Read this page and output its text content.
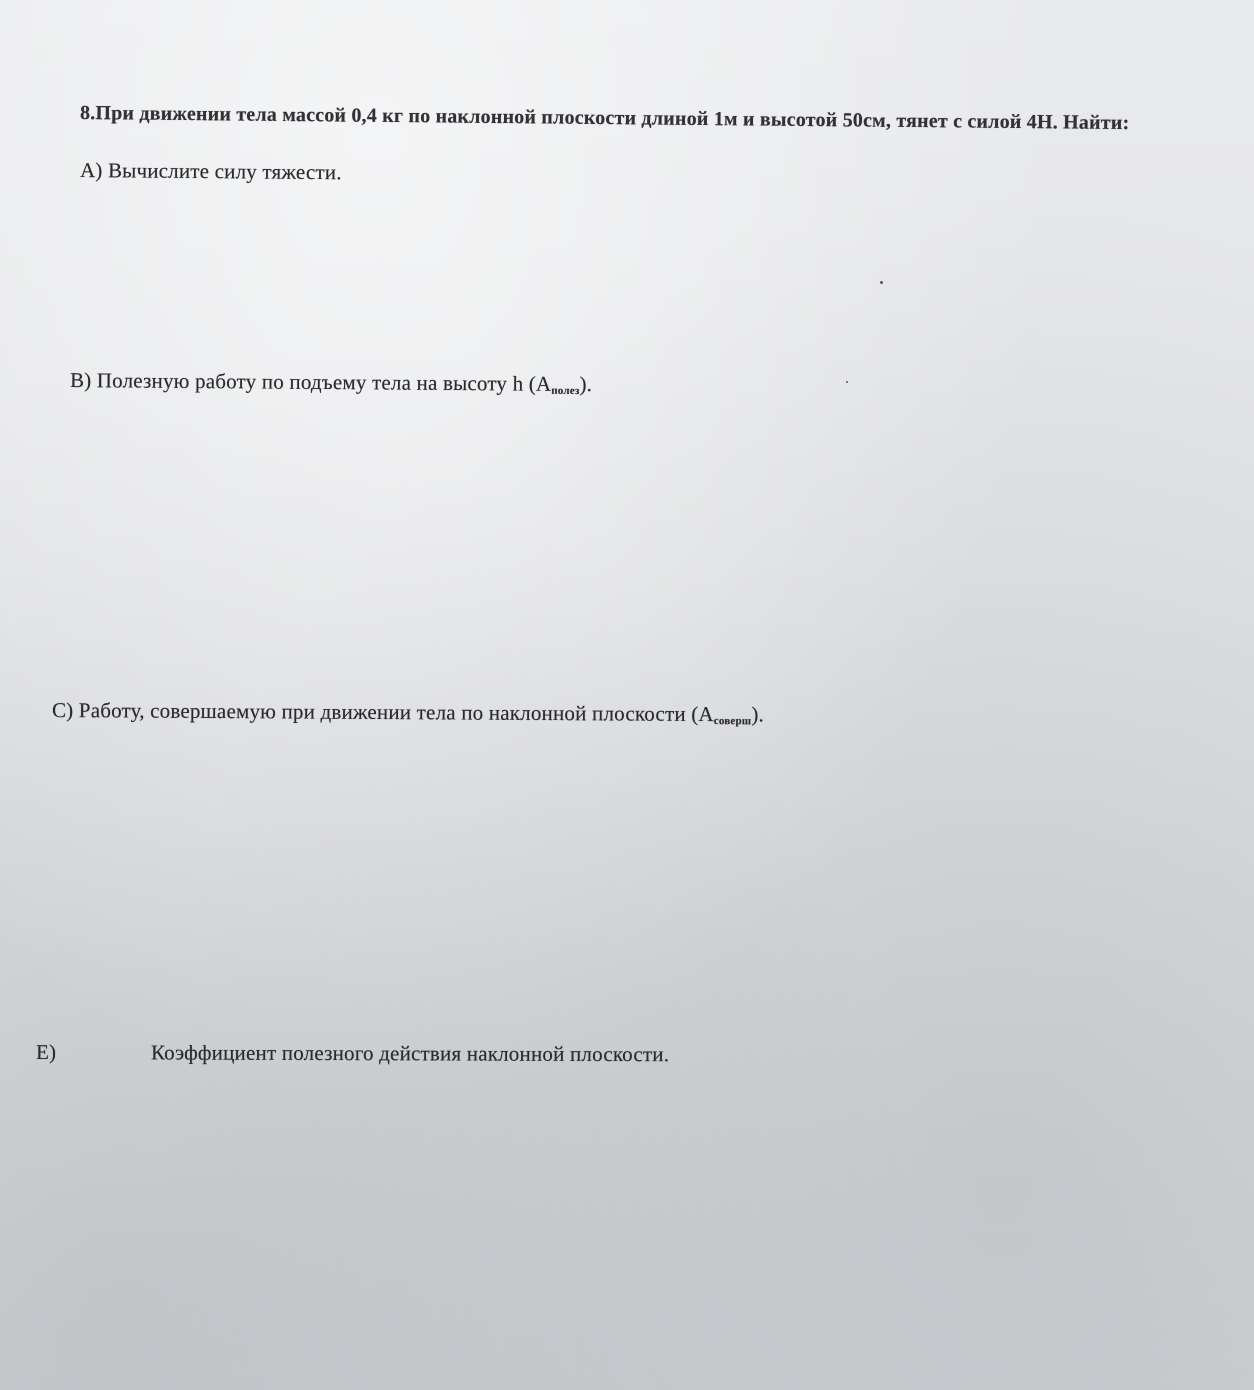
8.При движении тела массой 0,4 кг по наклонной плоскости длиной 1м и высотой 50см, тянет с силой 4Н. Найти:
А) Вычислите силу тяжести.
В) Полезную работу по подъему тела на высоту h $(А_{полез})$.
С) Работу, совершаемую при движении тела по наклонной плоскости $(А_{соверш})$.
Е)	Коэффициент полезного действия наклонной плоскости.
